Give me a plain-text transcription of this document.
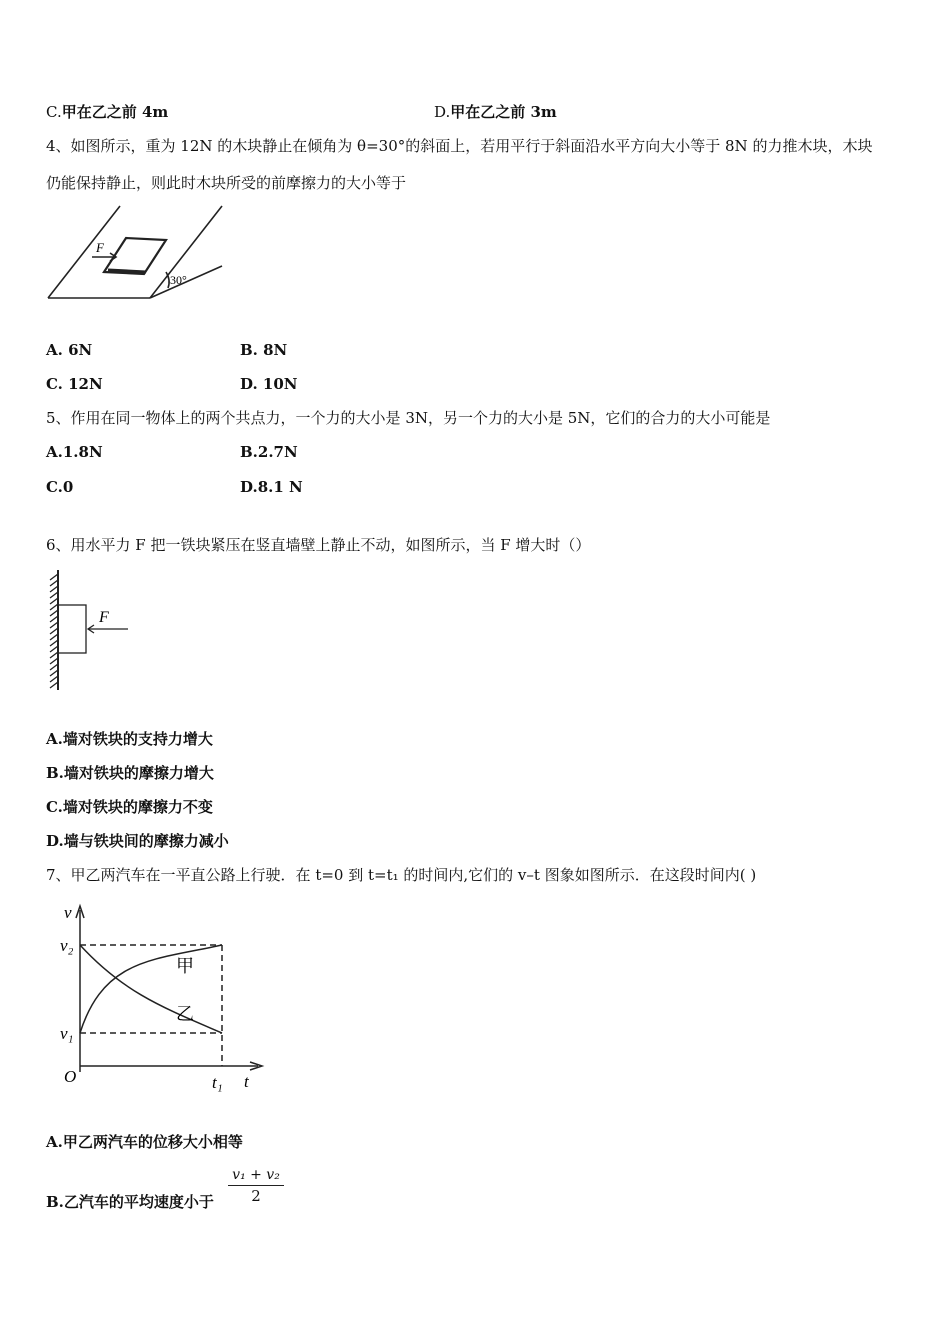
C.甲在乙之前 4m	D.甲在乙之前 3m
4、如图所示，重为 12N 的木块静止在倾角为 θ=30°的斜面上，若用平行于斜面沿水平方向大小等于 8N 的力推木块，木块
仍能保持静止，则此时木块所受的前摩擦力的大小等于
F
30°
A. 6N	B. 8N
C. 12N	D. 10N
5、作用在同一物体上的两个共点力，一个力的大小是 3N，另一个力的大小是 5N，它们的合力的大小可能是
A.1.8N	B.2.7N
C.0	D.8.1 N
6、用水平力 F 把一铁块紧压在竖直墙壁上静止不动，如图所示，当 F 增大时（）
F
A.墙对铁块的支持力增大
B.墙对铁块的摩擦力增大
C.墙对铁块的摩擦力不变
D.墙与铁块间的摩擦力减小
7、甲乙两汽车在一平直公路上行驶．在 t=0 到 t=t₁ 的时间内,它们的 v–t 图象如图所示．在这段时间内( )
v
t
O
v₂
v₁
t₁
甲
乙
A.甲乙两汽车的位移大小相等
B.乙汽车的平均速度小于 $\frac{\text{v₁ + v₂}}{2}$
